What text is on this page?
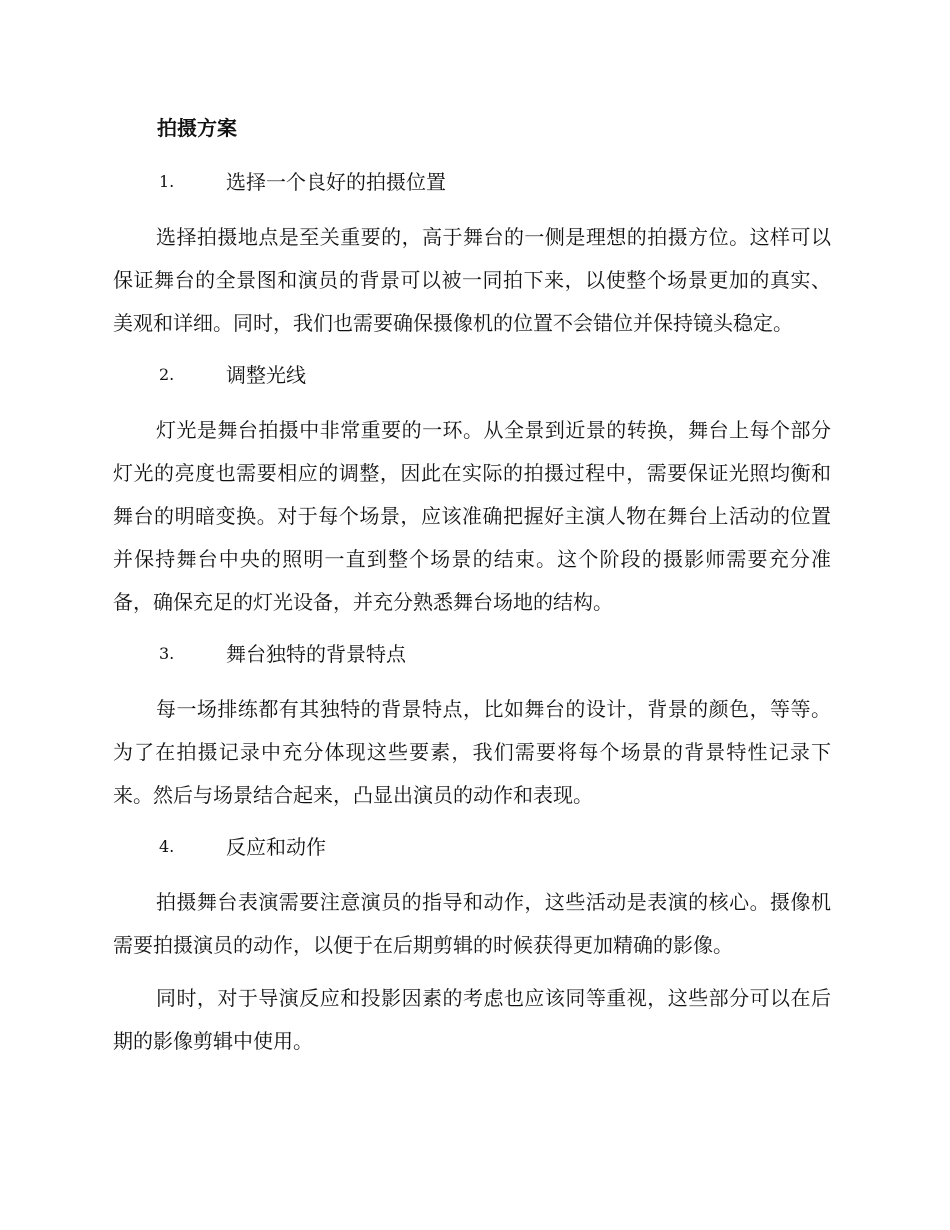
拍摄方案
1.	选择一个良好的拍摄位置

选择拍摄地点是至关重要的，高于舞台的一侧是理想的拍摄方位。这样可以保证舞台的全景图和演员的背景可以被一同拍下来，以使整个场景更加的真实、美观和详细。同时，我们也需要确保摄像机的位置不会错位并保持镜头稳定。

2.	调整光线

灯光是舞台拍摄中非常重要的一环。从全景到近景的转换，舞台上每个部分灯光的亮度也需要相应的调整，因此在实际的拍摄过程中，需要保证光照均衡和舞台的明暗变换。对于每个场景，应该准确把握好主演人物在舞台上活动的位置并保持舞台中央的照明一直到整个场景的结束。这个阶段的摄影师需要充分准备，确保充足的灯光设备，并充分熟悉舞台场地的结构。

3.	舞台独特的背景特点

每一场排练都有其独特的背景特点，比如舞台的设计，背景的颜色，等等。为了在拍摄记录中充分体现这些要素，我们需要将每个场景的背景特性记录下来。然后与场景结合起来，凸显出演员的动作和表现。

4.	反应和动作

拍摄舞台表演需要注意演员的指导和动作，这些活动是表演的核心。摄像机需要拍摄演员的动作，以便于在后期剪辑的时候获得更加精确的影像。

同时，对于导演反应和投影因素的考虑也应该同等重视，这些部分可以在后期的影像剪辑中使用。
